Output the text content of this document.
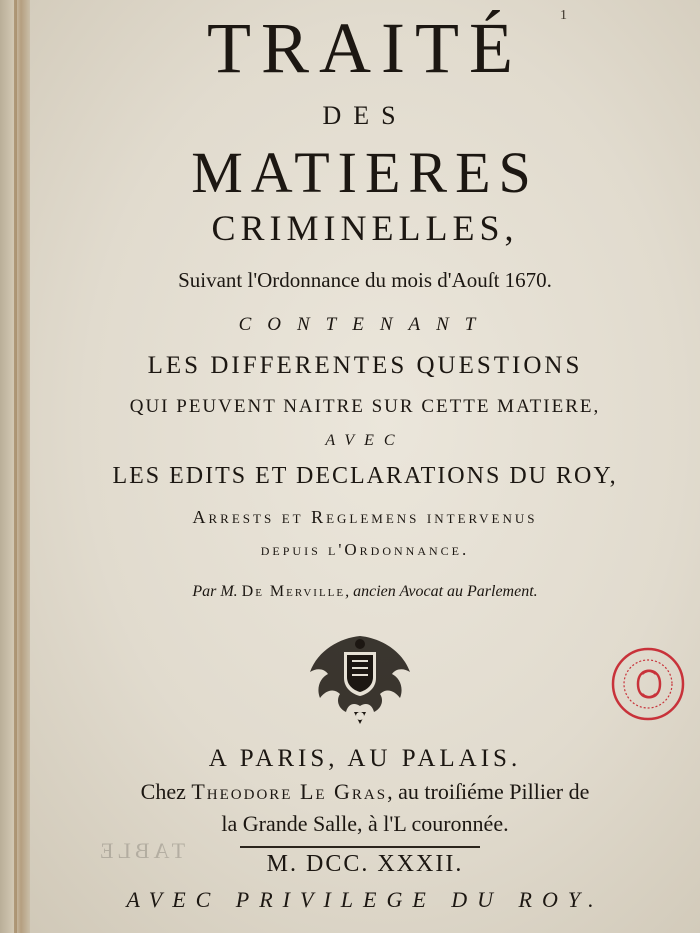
1
TRAITÉ
DES
MATIERES
CRIMINELLES,
Suivant l'Ordonnance du mois d'Aouſt 1670.
CONTENANT
LES DIFFERENTES QUESTIONS
QUI PEUVENT NAITRE SUR CETTE MATIERE,
AVEC
LES EDITS ET DECLARATIONS DU ROY,
Arrests et Reglemens intervenus
depuis l'Ordonnance.
Par M. De Merville, ancien Avocat au Parlement.
A PARIS, AU PALAIS.
Chez Theodore Le Gras, au troiſiéme Pillier de
la Grande Salle, à l'L couronnée.
TABLE
M. DCC. XXXII.
AVEC PRIVILEGE DU ROY.
